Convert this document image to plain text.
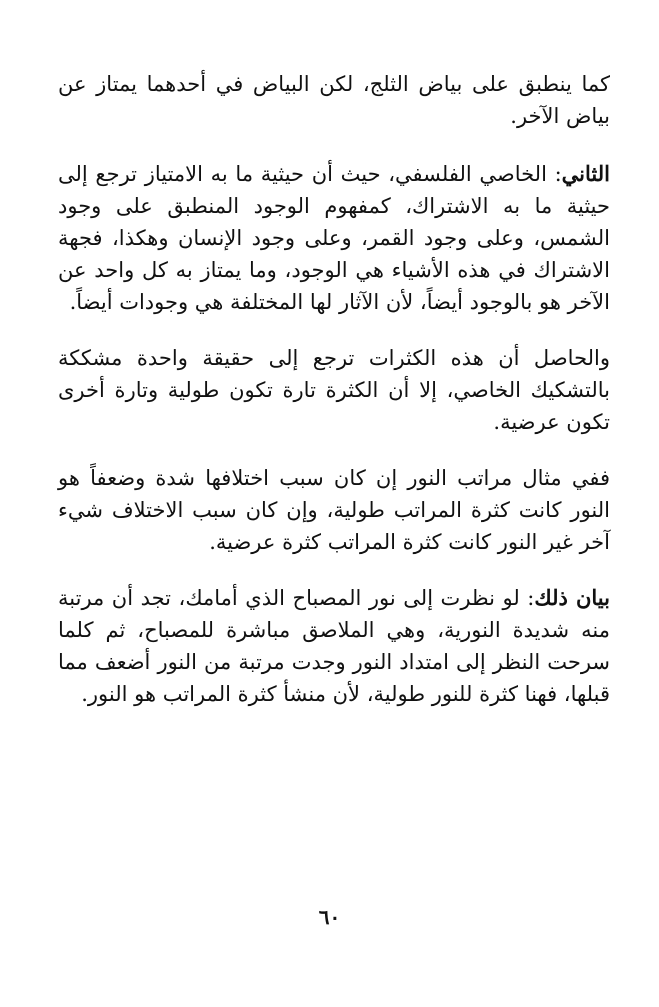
كما ينطبق على بياض الثلج، لكن البياض في أحدهما يمتاز عن بياض الآخر.

الثاني: الخاصي الفلسفي، حيث أن حيثية ما به الامتياز ترجع إلى حيثية ما به الاشتراك، كمفهوم الوجود المنطبق على وجود الشمس، وعلى وجود القمر، وعلى وجود الإنسان وهكذا، فجهة الاشتراك في هذه الأشياء هي الوجود، وما يمتاز به كل واحد عن الآخر هو بالوجود أيضاً، لأن الآثار لها المختلفة هي وجودات أيضاً.

والحاصل أن هذه الكثرات ترجع إلى حقيقة واحدة مشككة بالتشكيك الخاصي، إلا أن الكثرة تارة تكون طولية وتارة أخرى تكون عرضية.

ففي مثال مراتب النور إن كان سبب اختلافها شدة وضعفاً هو النور كانت كثرة المراتب طولية، وإن كان سبب الاختلاف شيء آخر غير النور كانت كثرة المراتب كثرة عرضية.

بيان ذلك: لو نظرت إلى نور المصباح الذي أمامك، تجد أن مرتبة منه شديدة النورية، وهي الملاصق مباشرة للمصباح، ثم كلما سرحت النظر إلى امتداد النور وجدت مرتبة من النور أضعف مما قبلها، فهنا كثرة للنور طولية، لأن منشأ كثرة المراتب هو النور.

٦٠
